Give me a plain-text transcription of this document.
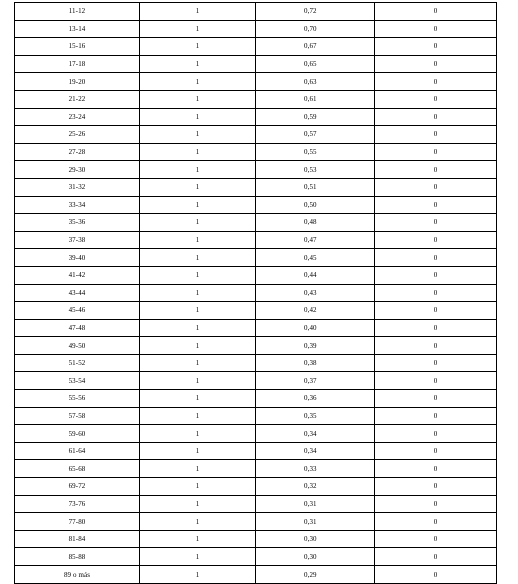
11-12	1	0,72	0
13-14	1	0,70	0
15-16	1	0,67	0
17-18	1	0,65	0
19-20	1	0,63	0
21-22	1	0,61	0
23-24	1	0,59	0
25-26	1	0,57	0
27-28	1	0,55	0
29-30	1	0,53	0
31-32	1	0,51	0
33-34	1	0,50	0
35-36	1	0,48	0
37-38	1	0,47	0
39-40	1	0,45	0
41-42	1	0,44	0
43-44	1	0,43	0
45-46	1	0,42	0
47-48	1	0,40	0
49-50	1	0,39	0
51-52	1	0,38	0
53-54	1	0,37	0
55-56	1	0,36	0
57-58	1	0,35	0
59-60	1	0,34	0
61-64	1	0,34	0
65-68	1	0,33	0
69-72	1	0,32	0
73-76	1	0,31	0
77-80	1	0,31	0
81-84	1	0,30	0
85-88	1	0,30	0
89 o más	1	0,29	0
